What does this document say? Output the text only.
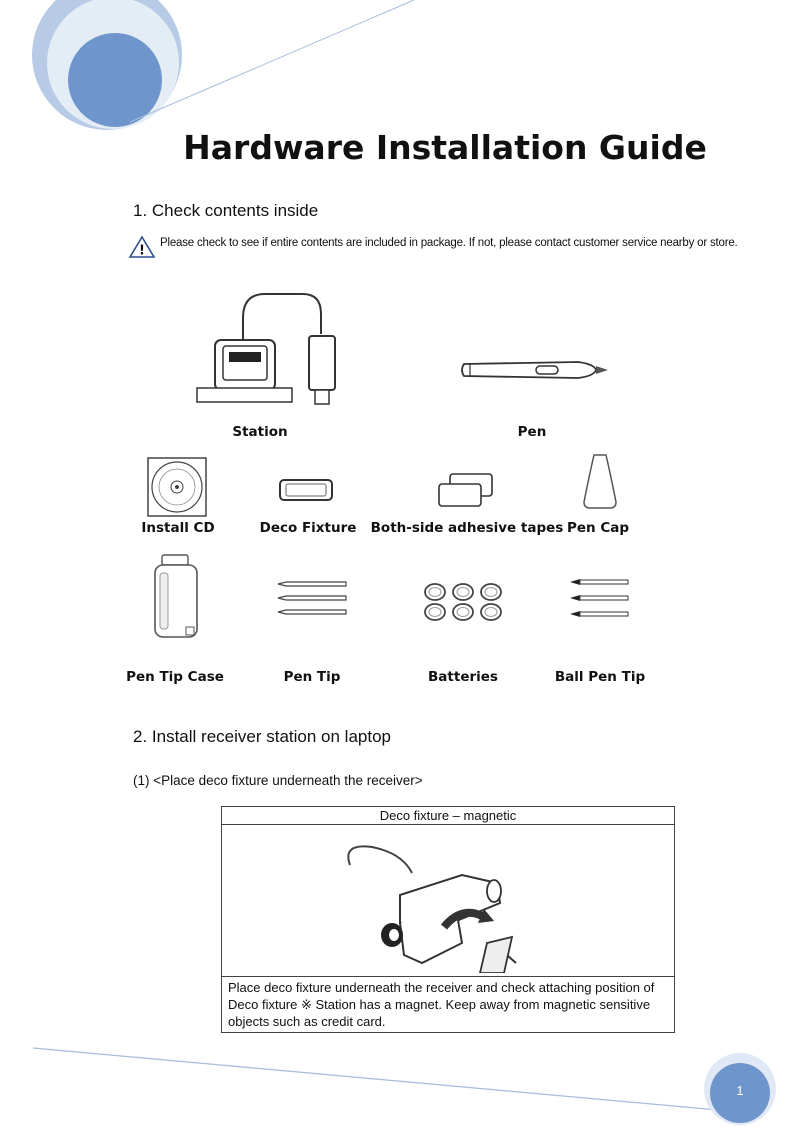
Hardware Installation Guide
1. Check contents inside
!
Please check to see if entire contents are included in package. If not, please contact customer service nearby or store.
Station	Pen
Install CD	Deco Fixture	Both-side adhesive tapes Pen Cap
Pen Tip Case	Pen Tip	Batteries	Ball Pen Tip
2. Install receiver station on laptop
(1) <Place deco fixture underneath the receiver>
Deco fixture – magnetic

Place deco fixture underneath the receiver and check attaching position of Deco fixture ※ Station has a magnet. Keep away from magnetic sensitive objects such as credit card.
1
